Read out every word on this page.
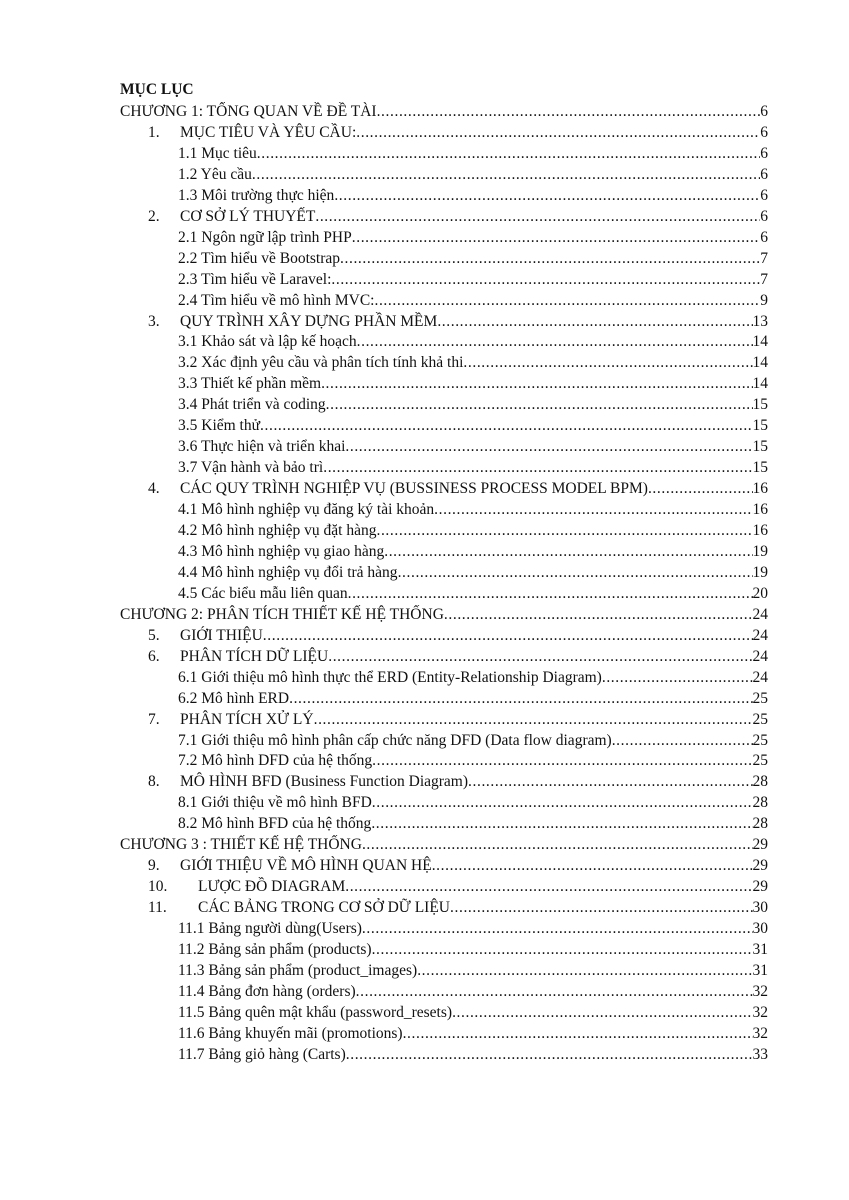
MỤC LỤC
CHƯƠNG 1: TỔNG QUAN VỀ ĐỀ TÀI .....	6
1.	MỤC TIÊU VÀ YÊU CẦU: .....	6
1.1 Mục tiêu .....	6
1.2 Yêu cầu .....	6
1.3 Môi trường thực hiện .....	6
2.	CƠ SỞ LÝ THUYẾT .....	6
2.1 Ngôn ngữ lập trình PHP .....	6
2.2 Tìm hiểu về Bootstrap .....	7
2.3 Tìm hiểu về Laravel: .....	7
2.4 Tìm hiểu về mô hình MVC: .....	9
3.	QUY TRÌNH XÂY DỰNG PHẦN MỀM .....	13
3.1 Khảo sát và lập kế hoạch .....	14
3.2 Xác định yêu cầu và phân tích tính khả thi .....	14
3.3 Thiết kế phần mềm .....	14
3.4 Phát triển và coding .....	15
3.5 Kiểm thử .....	15
3.6 Thực hiện và triển khai .....	15
3.7 Vận hành và bảo trì .....	15
4.	CÁC QUY TRÌNH NGHIỆP VỤ (BUSSINESS PROCESS MODEL BPM) .....	16
4.1 Mô hình nghiệp vụ đăng ký tài khoản .....	16
4.2 Mô hình nghiệp vụ đặt hàng .....	16
4.3 Mô hình nghiệp vụ giao hàng .....	19
4.4 Mô hình nghiệp vụ đổi trả hàng .....	19
4.5 Các biểu mẫu liên quan .....	20
CHƯƠNG 2: PHÂN TÍCH THIẾT KẾ HỆ THỐNG .....	24
5.	GIỚI THIỆU .....	24
6.	PHÂN TÍCH DỮ LIỆU .....	24
6.1 Giới thiệu mô hình thực thể ERD (Entity-Relationship Diagram) .....	24
6.2 Mô hình ERD .....	25
7.	PHÂN TÍCH XỬ LÝ .....	25
7.1 Giới thiệu mô hình phân cấp chức năng DFD (Data flow diagram) .....	25
7.2 Mô hình DFD của hệ thống .....	25
8.	MÔ HÌNH BFD (Business Function Diagram) .....	28
8.1 Giới thiệu về mô hình BFD .....	28
8.2 Mô hình BFD của hệ thống .....	28
CHƯƠNG 3 : THIẾT KẾ HỆ THỐNG .....	29
9.	GIỚI THIỆU VỀ MÔ HÌNH QUAN HỆ .....	29
10.	LƯỢC ĐỒ DIAGRAM .....	29
11.	CÁC BẢNG TRONG CƠ SỞ DỮ LIỆU .....	30
11.1 Bảng người dùng(Users) .....	30
11.2 Bảng sản phẩm (products) .....	31
11.3 Bảng sản phẩm (product_images) .....	31
11.4 Bảng đơn hàng (orders) .....	32
11.5 Bảng quên mật khẩu (password_resets) .....	32
11.6 Bảng khuyến mãi (promotions) .....	32
11.7 Bảng giỏ hàng (Carts) .....	33
